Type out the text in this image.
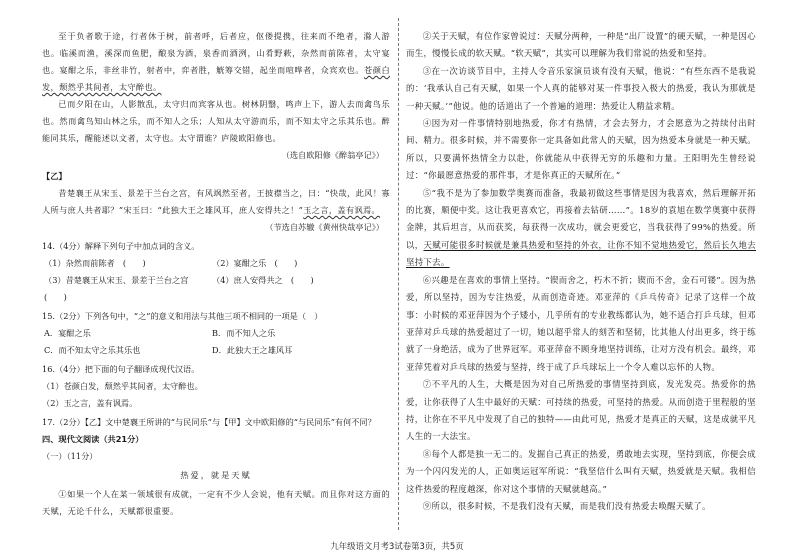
至于负者歌于途，行者休于树，前者呼，后者应，伛偻提携，往来而不绝者，滁人游也。临溪而渔，溪深而鱼肥，酿泉为酒，泉香而酒洌，山肴野蔌，杂然而前陈者，太守宴也。宴酣之乐，非丝非竹，射者中，弈者胜，觥筹交错，起坐而喧哗者，众宾欢也。苍颜白发，颓然乎其间者，太守醉也。

已而夕阳在山，人影散乱，太守归而宾客从也。树林阴翳，鸣声上下，游人去而禽鸟乐也。然而禽鸟知山林之乐，而不知人之乐；人知从太守游而乐，而不知太守之乐其乐也。醉能同其乐，醒能述以文者，太守也。太守谓谁？庐陵欧阳修也。

（选自欧阳修《醉翁亭记》）
【乙】

昔楚襄王从宋玉、景差于兰台之宫，有风飒然至者，王披襟当之，曰：“快哉，此风！寡人所与庶人共者耶？”宋玉曰：“此独大王之雄风耳，庶人安得共之！”玉之言，盖有讽焉。

（节选自苏辙《黄州快哉亭记》）
14.（4分）解释下列句子中加点词的含义。
（1）杂然而前陈者　 (　　)	（2）宴酣之乐　 (　　)
（3）昔楚襄王从宋玉、景差于兰台之宫 (　　)
（4）庶人安得共之　 (　　)
15.（2分）下列各句中，“之”的意义和用法与其他三项不相同的一项是（　）
A．宴酣之乐	B．而不知人之乐
C．而不知太守之乐其乐也	D．此独大王之雄风耳
16.（4分）把下面的句子翻译成现代汉语。
（1）苍颜白发，颓然乎其间者，太守醉也。
（2）玉之言，盖有讽焉。
17.（2分）【乙】文中楚襄王所讲的“与民同乐”与【甲】文中欧阳修的“与民同乐”有何不同？
四、现代文阅读（共21分）
（一）（11分）
热爱，就是天赋

①如果一个人在某一领域很有成就，一定有不少人会说，他有天赋。而且你对这方面的天赋，无论千什么，天赋都很重要。

②关于天赋，有位作家曾说过：天赋分两种，一种是“出厂设置”的硬天赋，一种是因心而生，慢慢长成的软天赋。“软天赋”，其实可以理解为我们常说的热爱和坚持。

③在一次访谈节目中，主持人令音乐家演员谈有没有天赋，他说：“有些东西不是我说的：‘我承认自己有天赋，如果一个人真的能够对某一件事投入极大的热爱，我认为那就是一种天赋。’”他说。他的话道出了一个普遍的道理：热爱让人精益求精。

④因为对一件事情特别地热爱，你才有热情，才会去努力，才会愿意为之持续付出时间、精力。很多时候，并不需要你一定具备如此常人的天赋，因为热爱本身就是一种天赋。所以，只要满怀热情全力以赴，你就能从中获得无穷的乐趣和力量。王阳明先生曾经说过：“你最愿意热爱的那件事，才是你真正的天赋所在。”

⑤“我不是为了参加数学奥赛而准备，我最初做这些事情是因为我喜欢，然后理解开拓的比赛，顺便中奖。这让我更喜欢它，再接着去钻研……”。18岁的袁旭在数学奥赛中获得金牌，其后坦言，从而获奖，每获得一次成功，就会更爱它，当我获得了99%的热爱。所以，天赋可能很多时候就是兼具热爱和坚持的外衣，让你不知不觉地热爱它，然后长久地去坚持下去。

⑥兴趣是在喜欢的事情上坚持。“锲而舍之，朽木不折；锲而不舍，金石可镂”。因为热爱，所以坚持，因为专注热爱，从而创造奇迹。邓亚萍的《乒乓传奇》记录了这样一个故事：小时候的邓亚萍因为个子矮小，几乎所有的专业教练都认为，她不适合打乒乓球，但邓亚萍对乒乓球的热爱超过了一切，她以超乎常人的刻苦和坚韧，比其他人付出更多，终于练就了一身绝活，成为了世界冠军。邓亚萍奋不顾身地坚持训练，让对方没有机会。最终，邓亚萍凭着对乒乓球的热爱与坚持，终于成了乒乓球坛上一个令人难以忘怀的人物。

⑦不平凡的人生，大概是因为对自己所热爱的事情坚持到底，发光发亮。热爱你的热爱，让你获得了人生中最好的天赋：可持续的热爱，可坚持的热爱。从而创造于里程般的坚持，让你在不平凡中发现了自己的独特——由此可见，热爱才是真正的天赋，这是成就平凡人生的一大法宝。

⑧每个人都是独一无二的。发掘自己真正的热爱，勇敢地去实现，坚持到底，你便会成为一个闪闪发光的人，正如奥运冠军所说：“我坚信什么叫有天赋，热爱就是天赋。我相信这件热爱的程度越深，你对这个事情的天赋就越高。”

⑨所以，很多时候，不是我们没有天赋，而是我们没有热爱去唤醒天赋了。

九年级语文月考3试卷第3页，共5页
